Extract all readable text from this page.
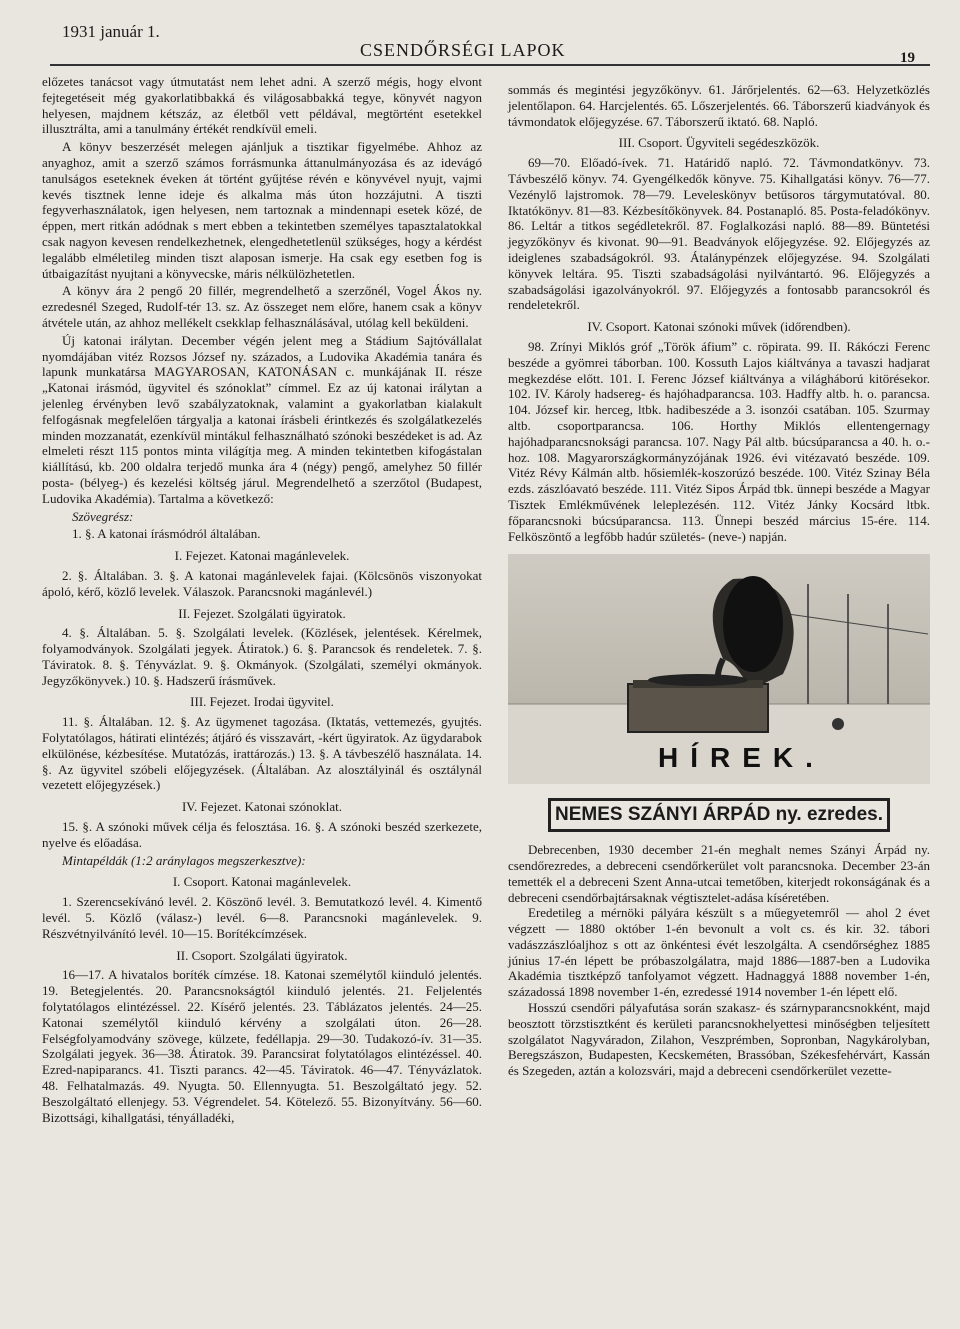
1931 január 1.
CSENDŐRSÉGI LAPOK	19

előzetes tanácsot vagy útmutatást nem lehet adni. A szerző mégis, hogy elvont fejtegetéseit még gyakorlatibbakká és világosabbakká tegye, könyvét nagyon helyesen, majdnem kétszáz, az életből vett példával, megtörtént esetekkel illusztrálta, ami a tanulmány értékét rendkívül emeli.

A könyv beszerzését melegen ajánljuk a tisztikar figyelmébe. Ahhoz az anyaghoz, amit a szerző számos forrásmunka áttanulmányozása és az idevágó tanulságos eseteknek éveken át történt gyűjtése révén e könyvével nyujt, vajmi kevés tisztnek lenne ideje és alkalma más úton hozzájutni. A tiszti fegyverhasználatok, igen helyesen, nem tartoznak a mindennapi esetek közé, de éppen, mert ritkán adódnak s mert ebben a tekintetben személyes tapasztalatokkal csak nagyon kevesen rendelkezhetnek, elengedhetetlenül szükséges, hogy a kérdést legalább elméletileg minden tiszt alaposan ismerje. Ha csak egy esetben fog is útbaigazítást nyujtani a könyvecske, máris nélkülözhetetlen.

A könyv ára 2 pengő 20 fillér, megrendelhető a szerzőnél, Vogel Ákos ny. ezredesnél Szeged, Rudolf-tér 13. sz. Az összeget nem előre, hanem csak a könyv átvétele után, az ahhoz mellékelt csekklap felhasználásával, utólag kell beküldeni.

Új katonai irálytan. December végén jelent meg a Stádium Sajtóvállalat nyomdájában vitéz Rozsos József ny. százados, a Ludovika Akadémia tanára és lapunk munkatársa MAGYAROSAN, KATONÁSAN c. munkájának II. része „Katonai irásmód, ügyvitel és szónoklat” címmel. Ez az új katonai irálytan a jelenleg érvényben levő szabályzatoknak, valamint a gyakorlatban kialakult felfogásnak megfelelően tárgyalja a katonai írásbeli érintkezés és szolgálatkezelés minden mozzanatát, ezenkívül mintákul felhasználható szónoki beszédeket is ad. Az elmeleti részt 115 pontos minta világítja meg. A minden tekintetben kifogástalan kiállítású, kb. 200 oldalra terjedő munka ára 4 (négy) pengő, amelyhez 50 fillér posta- (bélyeg-) és kezelési költség járul. Megrendelhető a szerzőtol (Budapest, Ludovika Akadémia). Tartalma a következő:

Szövegrész:

1. §. A katonai írásmódról általában.

I. Fejezet. Katonai magánlevelek.

2. §. Általában. 3. §. A katonai magánlevelek fajai. (Kölcsönös viszonyokat ápoló, kérő, közlő levelek. Válaszok. Parancsnoki magánlevél.)

II. Fejezet. Szolgálati ügyiratok.

4. §. Általában. 5. §. Szolgálati levelek. (Közlések, jelentések. Kérelmek, folyamodványok. Szolgálati jegyek. Átiratok.) 6. §. Parancsok és rendeletek. 7. §. Táviratok. 8. §. Tényvázlat. 9. §. Okmányok. (Szolgálati, személyi okmányok. Jegyzőkönyvek.) 10. §. Hadszerű írásművek.

III. Fejezet. Irodai ügyvitel.

11. §. Általában. 12. §. Az ügymenet tagozása. (Iktatás, vettemezés, gyujtés. Folytatólagos, hátirati elintézés; átjáró és visszavárt, -kért ügyiratok. Az ügydarabok elkülönése, kézbesítése. Mutatózás, irattározás.) 13. §. A távbeszélő használata. 14. §. Az ügyvitel szóbeli előjegyzések. (Általában. Az alosztályinál és osztálynál vezetett előjegyzések.)

IV. Fejezet. Katonai szónoklat.

15. §. A szónoki művek célja és felosztása. 16. §. A szónoki beszéd szerkezete, nyelve és előadása.

Mintapéldák (1:2 aránylagos megszerkesztve):

I. Csoport. Katonai magánlevelek.

1. Szerencsekívánó levél. 2. Köszönő levél. 3. Bemutatkozó levél. 4. Kimentő levél. 5. Közlő (válasz-) levél. 6—8. Parancsnoki magánlevelek. 9. Részvétnyilvánító levél. 10—15. Borítékcímzések.

II. Csoport. Szolgálati ügyiratok.

16—17. A hivatalos boríték címzése. 18. Katonai személytől kiinduló jelentés. 19. Betegjelentés. 20. Parancsnokságtól kiinduló jelentés. 21. Feljelentés folytatólagos elintézéssel. 22. Kísérő jelentés. 23. Táblázatos jelentés. 24—25. Katonai személytől kiinduló kérvény a szolgálati úton. 26—28. Felségfolyamodvány szövege, külzete, fedéllapja. 29—30. Tudakozó-ív. 31—35. Szolgálati jegyek. 36—38. Átiratok. 39. Parancsirat folytatólagos elintézéssel. 40. Ezred-napiparancs. 41. Tiszti parancs. 42—45. Táviratok. 46—47. Tényvázlatok. 48. Felhatalmazás. 49. Nyugta. 50. Ellennyugta. 51. Beszolgáltató jegy. 52. Beszolgáltató ellenjegy. 53. Végrendelet. 54. Kötelező. 55. Bizonyítvány. 56—60. Bizottsági, kihallgatási, tényálladéki,

sommás és megintési jegyzőkönyv. 61. Járőrjelentés. 62—63. Helyzetközlés jelentőlapon. 64. Harcjelentés. 65. Lőszerjelentés. 66. Táborszerű kiadványok és távmondatok előjegyzése. 67. Táborszerű iktató. 68. Napló.

III. Csoport. Ügyviteli segédeszközök.

69—70. Előadó-ívek. 71. Határidő napló. 72. Távmondatkönyv. 73. Távbeszélő könyv. 74. Gyengélkedők könyve. 75. Kihallgatási könyv. 76—77. Vezénylő lajstromok. 78—79. Leveleskönyv betűsoros tárgymutatóval. 80. Iktatókönyv. 81—83. Kézbesítőkönyvek. 84. Postanapló. 85. Posta-feladókönyv. 86. Leltár a titkos segédletekről. 87. Foglalkozási napló. 88—89. Büntetési jegyzőkönyv és kivonat. 90—91. Beadványok előjegyzése. 92. Előjegyzés az ideiglenes szabadságokról. 93. Átalánypénzek előjegyzése. 94. Szolgálati könyvek leltára. 95. Tiszti szabadságolási nyilvántartó. 96. Előjegyzés a szabadságolási igazolványokról. 97. Előjegyzés a fontosabb parancsokról és rendeletekről.

IV. Csoport. Katonai szónoki művek (időrendben).

98. Zrínyi Miklós gróf „Török áfium” c. röpirata. 99. II. Rákóczi Ferenc beszéde a gyömrei táborban. 100. Kossuth Lajos kiáltványa a tavaszi hadjarat megkezdése előtt. 101. I. Ferenc József kiáltványa a világháború kitörésekor. 102. IV. Károly hadsereg- és hajóhadparancsa. 103. Hadffy altb. h. o. parancsa. 104. József kir. herceg, ltbk. hadibeszéde a 3. isonzói csatában. 105. Szurmay altb. csoportparancsa. 106. Horthy Miklós ellentengernagy hajóhadparancsnoksági parancsa. 107. Nagy Pál altb. búcsúparancsa a 40. h. o.-hoz. 108. Magyarországkormányzójának 1926. évi vitézavató beszéde. 109. Vitéz Révy Kálmán altb. hősiemlék-koszorúzó beszéde. 100. Vitéz Szinay Béla ezds. zászlóavató beszéde. 111. Vitéz Sipos Árpád tbk. ünnepi beszéde a Magyar Tisztek Emlékművének leleplezésén. 112. Vitéz Jánky Kocsárd ltbk. főparancsnoki búcsúparancsa. 113. Ünnepi beszéd március 15-ére. 114. Felköszöntő a legfőbb hadúr születés- (neve-) napján.

HÍREK.
NEMES SZÁNYI ÁRPÁD ny. ezredes.

Debrecenben, 1930 december 21-én meghalt nemes Szányi Árpád ny. csendőrezredes, a debreceni csendőrkerület volt parancsnoka. December 23-án temették el a debreceni Szent Anna-utcai temetőben, kiterjedt rokonságának és a debreceni csendőrbajtársaknak végtisztelet-adása kíséretében.

Eredetileg a mérnöki pályára készült s a műegyetemről — ahol 2 évet végzett — 1880 október 1-én bevonult a volt cs. és kir. 32. tábori vadászzászlóaljhoz s ott az önkéntesi évét leszolgálta. A csendőrséghez 1885 június 17-én lépett be próbaszolgálatra, majd 1886—1887-ben a Ludovika Akadémia tisztképző tanfolyamot végzett. Hadnaggyá 1888 november 1-én, századossá 1898 november 1-én, ezredessé 1914 november 1-én lépett elő.

Hosszú csendőri pályafutása során szakasz- és szárnyparancsnokként, majd beosztott törzstisztként és kerületi parancsnokhelyettesi minőségben teljesített szolgálatot Nagyváradon, Zilahon, Veszprémben, Sopronban, Nagykárolyban, Beregszászon, Budapesten, Kecskeméten, Brassóban, Székesfehérvárt, Kassán és Szegeden, aztán a kolozsvári, majd a debreceni csendőrkerület vezette-
